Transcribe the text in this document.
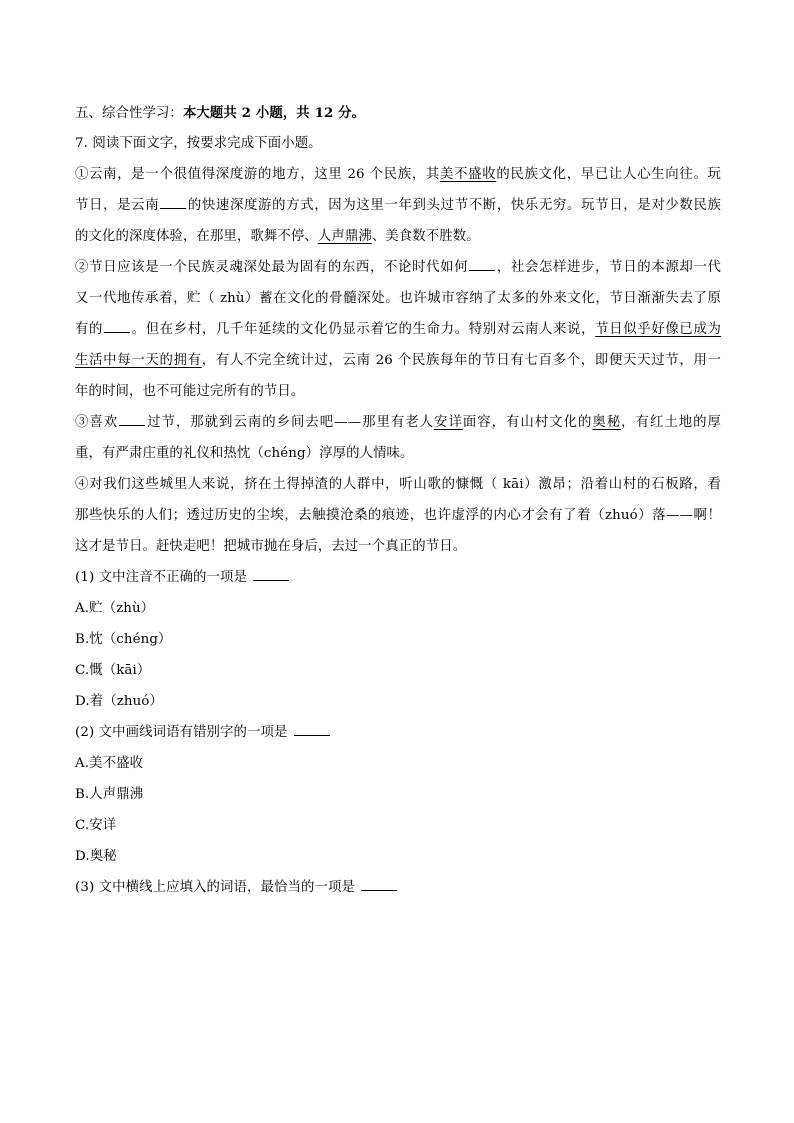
五、综合性学习：本大题共 2 小题，共 12 分。
7. 阅读下面文字，按要求完成下面小题。
①云南，是一个很值得深度游的地方，这里 26 个民族，其美不盛收的民族文化，早已让人心生向往。玩
节日，是云南 的快速深度游的方式，因为这里一年到头过节不断，快乐无穷。玩节日，是对少数民族
的文化的深度体验，在那里，歌舞不停、人声鼎沸、美食数不胜数。
②节日应该是一个民族灵魂深处最为固有的东西，不论时代如何 ，社会怎样进步，节日的本源却一代
又一代地传承着，贮（ zhù）蓄在文化的骨髓深处。也许城市容纳了太多的外来文化，节日渐渐失去了原
有的 。但在乡村，几千年延续的文化仍显示着它的生命力。特别对云南人来说，节日似乎好像已成为
生活中每一天的拥有，有人不完全统计过，云南 26 个民族每年的节日有七百多个，即便天天过节，用一
年的时间，也不可能过完所有的节日。
③喜欢 过节，那就到云南的乡间去吧——那里有老人安详面容，有山村文化的奥秘，有红土地的厚
重，有严肃庄重的礼仪和热忱（chéng）淳厚的人情味。
④对我们这些城里人来说，挤在土得掉渣的人群中，听山歌的慷慨（ kāi）激昂；沿着山村的石板路，看
那些快乐的人们；透过历史的尘埃，去触摸沧桑的痕迹，也许虚浮的内心才会有了着（zhuó）落——啊！
这才是节日。赶快走吧！把城市抛在身后，去过一个真正的节日。
(1) 文中注音不正确的一项是
A.贮（zhù）
B.忱（chéng）
C.慨（kāi）
D.着（zhuó）
(2) 文中画线词语有错别字的一项是
A.美不盛收
B.人声鼎沸
C.安详
D.奥秘
(3) 文中横线上应填入的词语，最恰当的一项是
